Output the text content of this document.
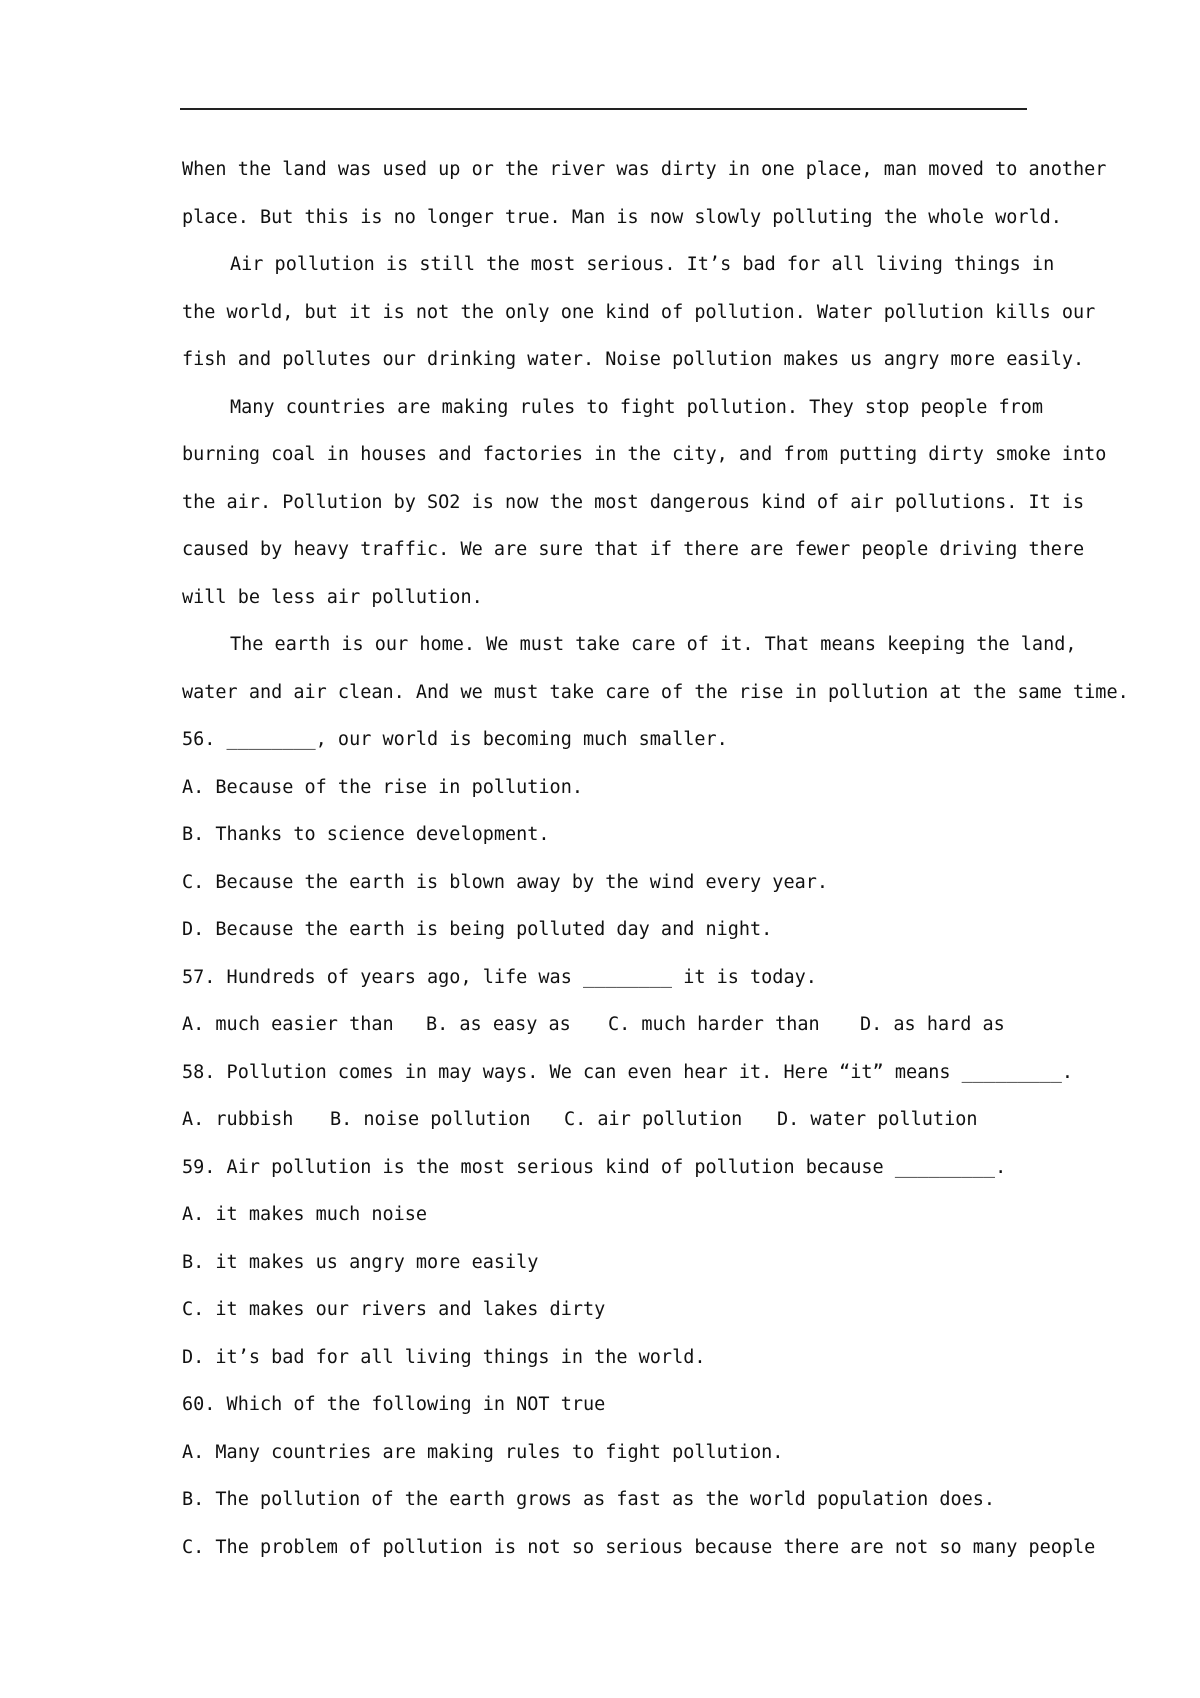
When the land was used up or the river was dirty in one place, man moved to another
place. But this is no longer true. Man is now slowly polluting the whole world.
Air pollution is still the most serious. It’s bad for all living things in
the world, but it is not the only one kind of pollution. Water pollution kills our
fish and pollutes our drinking water. Noise pollution makes us angry more easily.
Many countries are making rules to fight pollution. They stop people from
burning coal in houses and factories in the city, and from putting dirty smoke into
the air. Pollution by SO2 is now the most dangerous kind of air pollutions. It is
caused by heavy traffic. We are sure that if there are fewer people driving there
will be less air pollution.
The earth is our home. We must take care of it. That means keeping the land,
water and air clean. And we must take care of the rise in pollution at the same time.
56. ________, our world is becoming much smaller.
A. Because of the rise in pollution.
B. Thanks to science development.
C. Because the earth is blown away by the wind every year.
D. Because the earth is being polluted day and night.
57. Hundreds of years ago, life was ________ it is today.
A. much easier than	B. as easy as	C. much harder than	D. as hard as
58. Pollution comes in may ways. We can even hear it. Here “it” means _________.
A. rubbish	B. noise pollution	C. air pollution	D. water pollution
59. Air pollution is the most serious kind of pollution because _________.
A. it makes much noise
B. it makes us angry more easily
C. it makes our rivers and lakes dirty
D. it’s bad for all living things in the world.
60. Which of the following in NOT true
A. Many countries are making rules to fight pollution.
B. The pollution of the earth grows as fast as the world population does.
C. The problem of pollution is not so serious because there are not so many people
